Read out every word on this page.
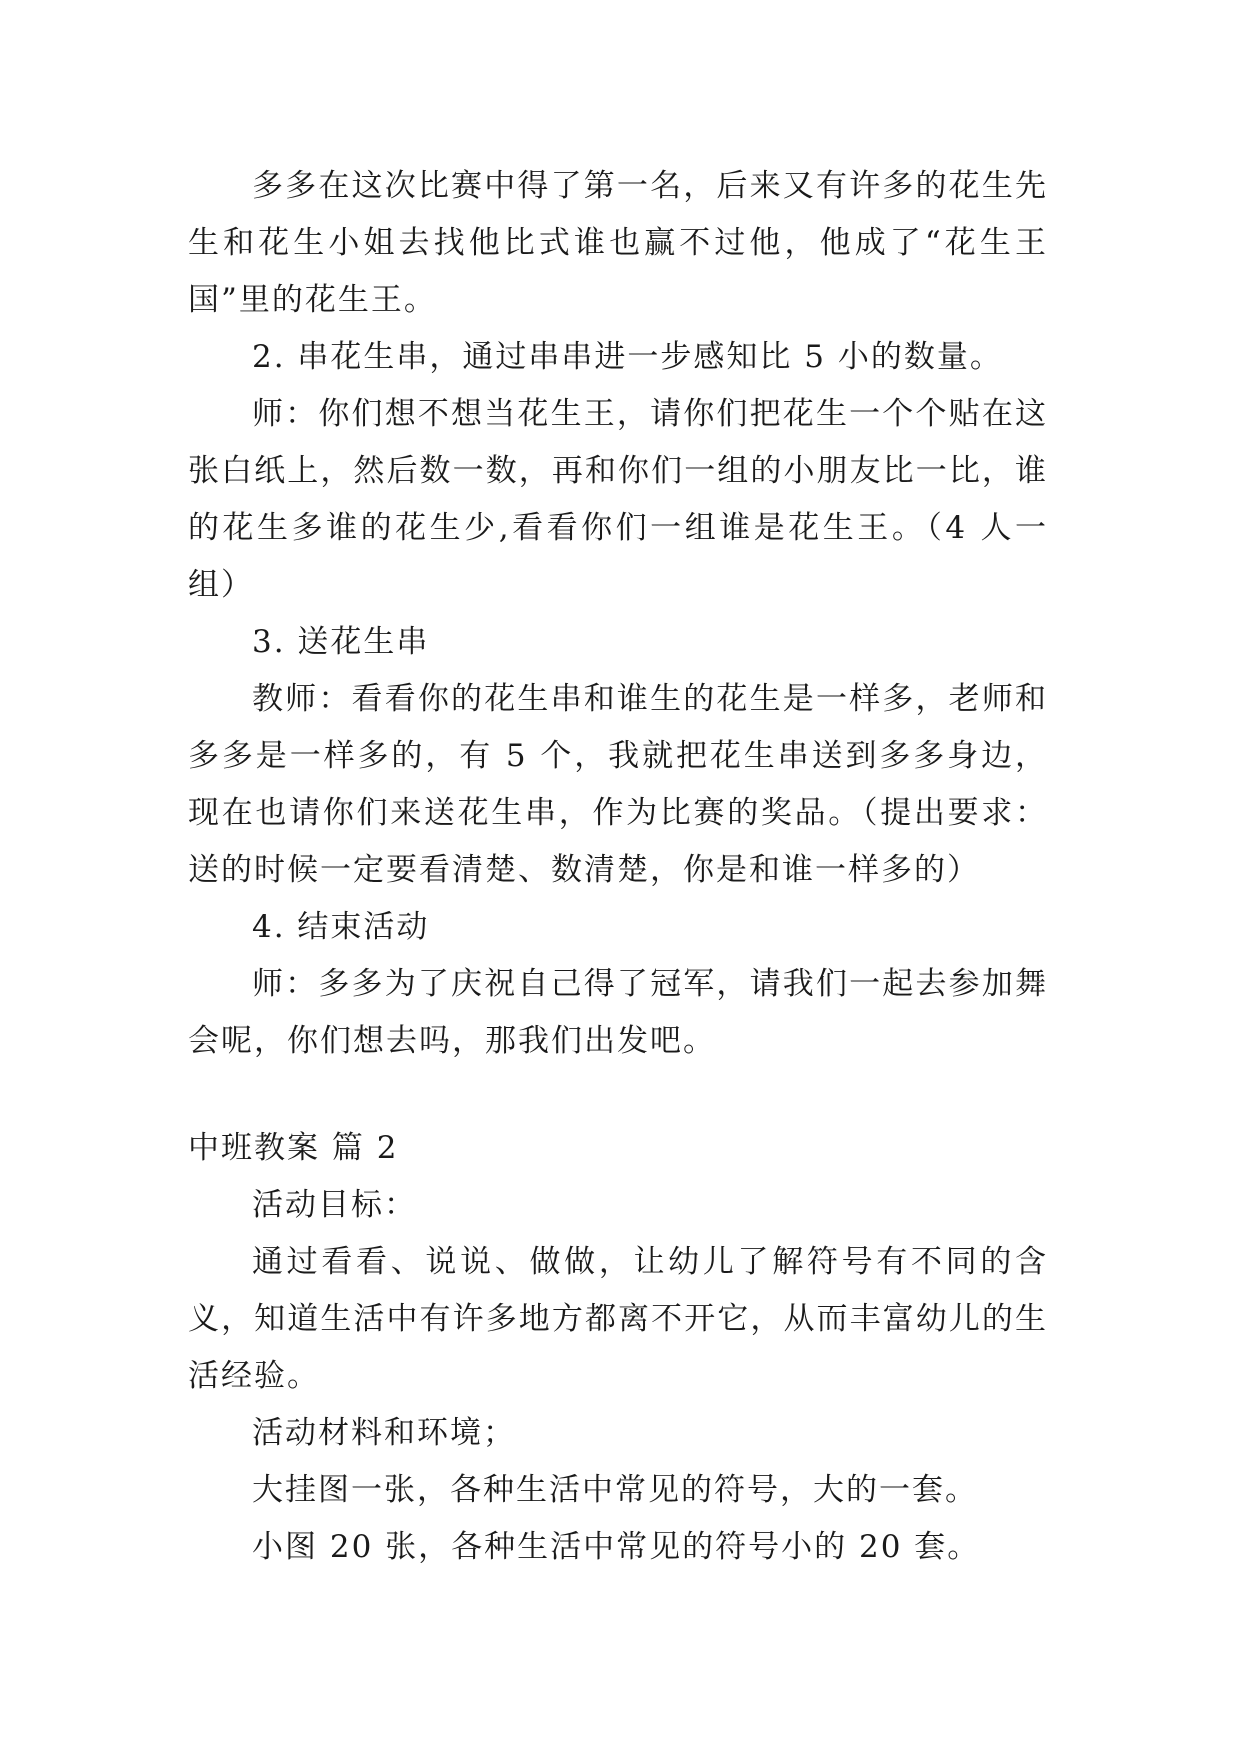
多多在这次比赛中得了第一名，后来又有许多的花生先生和花生小姐去找他比式谁也赢不过他，他成了“花生王国”里的花生王。

2. 串花生串，通过串串进一步感知比 5 小的数量。

师：你们想不想当花生王，请你们把花生一个个贴在这张白纸上，然后数一数，再和你们一组的小朋友比一比，谁的花生多谁的花生少,看看你们一组谁是花生王。（4 人一组）

3. 送花生串

教师：看看你的花生串和谁生的花生是一样多，老师和多多是一样多的，有 5 个，我就把花生串送到多多身边，现在也请你们来送花生串，作为比赛的奖品。（提出要求：送的时候一定要看清楚、数清楚，你是和谁一样多的）

4. 结束活动

师：多多为了庆祝自己得了冠军，请我们一起去参加舞会呢，你们想去吗，那我们出发吧。

中班教案 篇 2

活动目标：

通过看看、说说、做做，让幼儿了解符号有不同的含义，知道生活中有许多地方都离不开它，从而丰富幼儿的生活经验。

活动材料和环境；

大挂图一张，各种生活中常见的符号，大的一套。

小图 20 张，各种生活中常见的符号小的 20 套。
